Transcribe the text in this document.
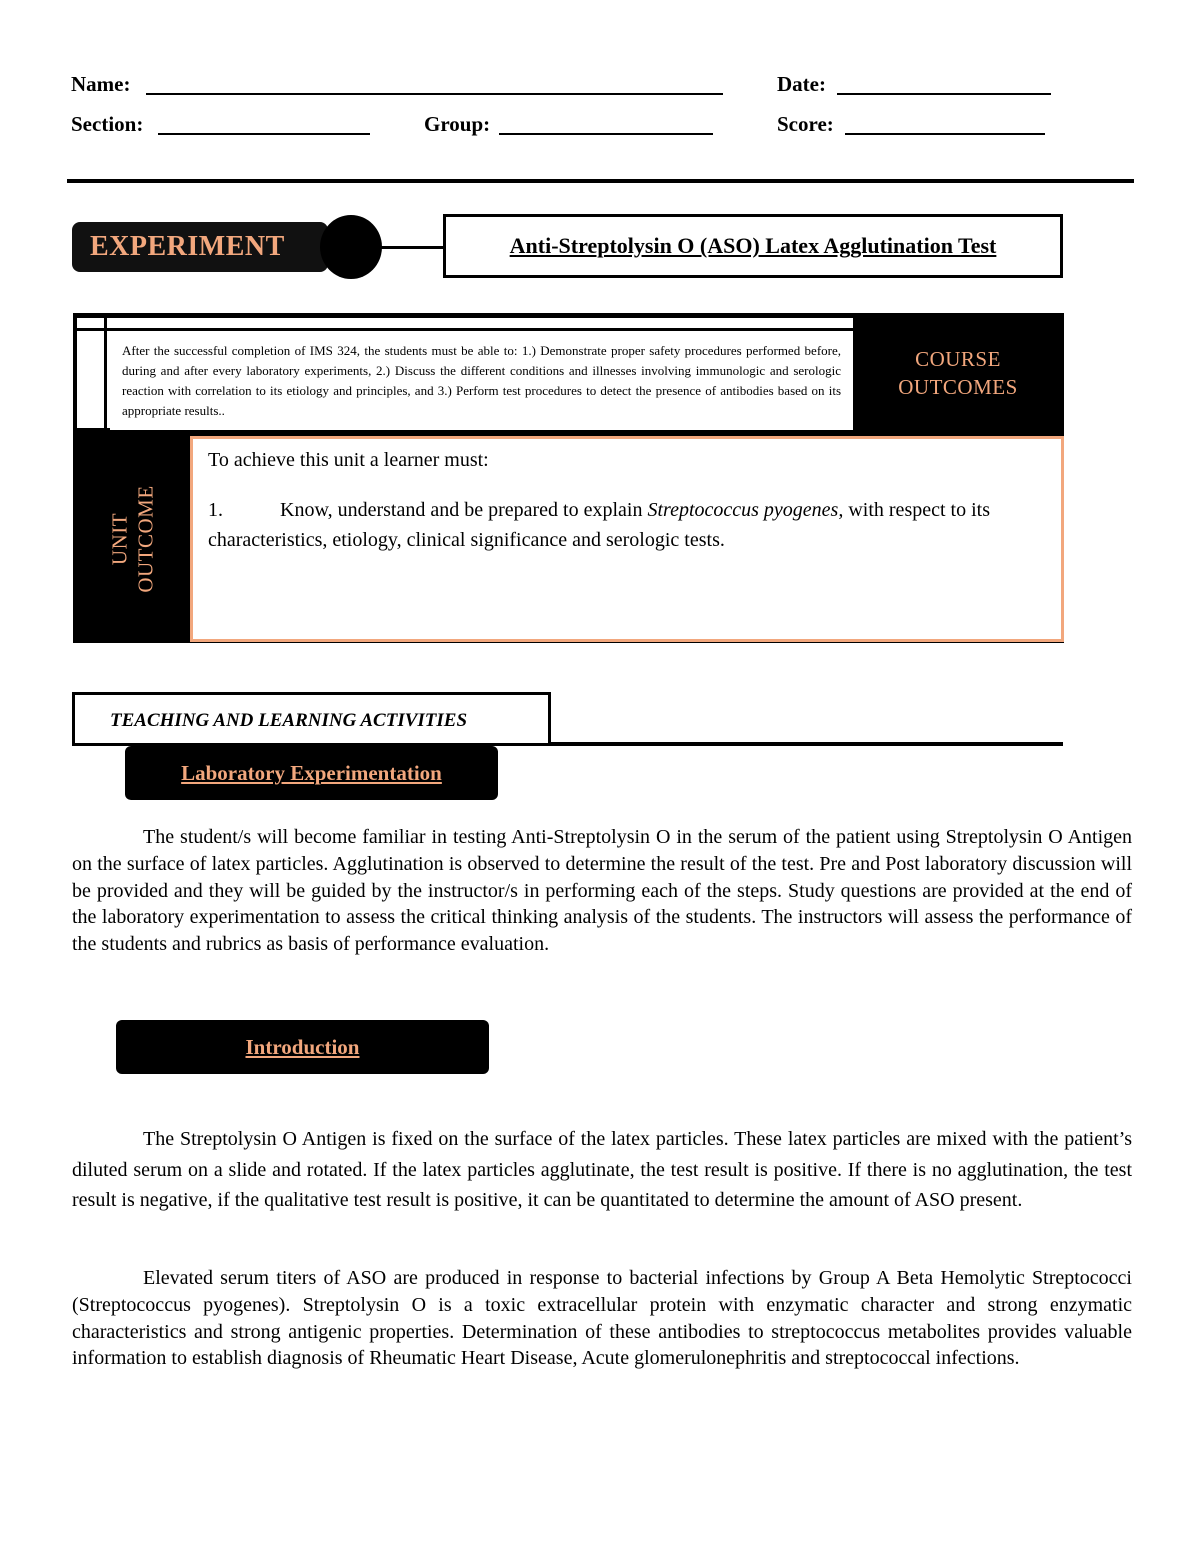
Name:	Date:
Section:	Group:	Score:
EXPERIMENT	Anti-Streptolysin O (ASO) Latex Agglutination Test
After the successful completion of IMS 324, the students must be able to: 1.) Demonstrate proper safety procedures performed before, during and after every laboratory experiments, 2.) Discuss the different conditions and illnesses involving immunologic and serologic reaction with correlation to its etiology and principles, and 3.) Perform test procedures to detect the presence of antibodies based on its appropriate results..
COURSE
OUTCOMES
UNIT OUTCOME
To achieve this unit a learner must:
1.	Know, understand and be prepared to explain Streptococcus pyogenes, with respect to its characteristics, etiology, clinical significance and serologic tests.
TEACHING AND LEARNING ACTIVITIES
Laboratory Experimentation
The student/s will become familiar in testing Anti-Streptolysin O in the serum of the patient using Streptolysin O Antigen on the surface of latex particles. Agglutination is observed to determine the result of the test. Pre and Post laboratory discussion will be provided and they will be guided by the instructor/s in performing each of the steps. Study questions are provided at the end of the laboratory experimentation to assess the critical thinking analysis of the students. The instructors will assess the performance of the students and rubrics as basis of performance evaluation.
Introduction
The Streptolysin O Antigen is fixed on the surface of the latex particles. These latex particles are mixed with the patient’s diluted serum on a slide and rotated. If the latex particles agglutinate, the test result is positive. If there is no agglutination, the test result is negative, if the qualitative test result is positive, it can be quantitated to determine the amount of ASO present.
Elevated serum titers of ASO are produced in response to bacterial infections by Group A Beta Hemolytic Streptococci (Streptococcus pyogenes). Streptolysin O is a toxic extracellular protein with enzymatic character and strong enzymatic characteristics and strong antigenic properties. Determination of these antibodies to streptococcus metabolites provides valuable information to establish diagnosis of Rheumatic Heart Disease, Acute glomerulonephritis and streptococcal infections.
